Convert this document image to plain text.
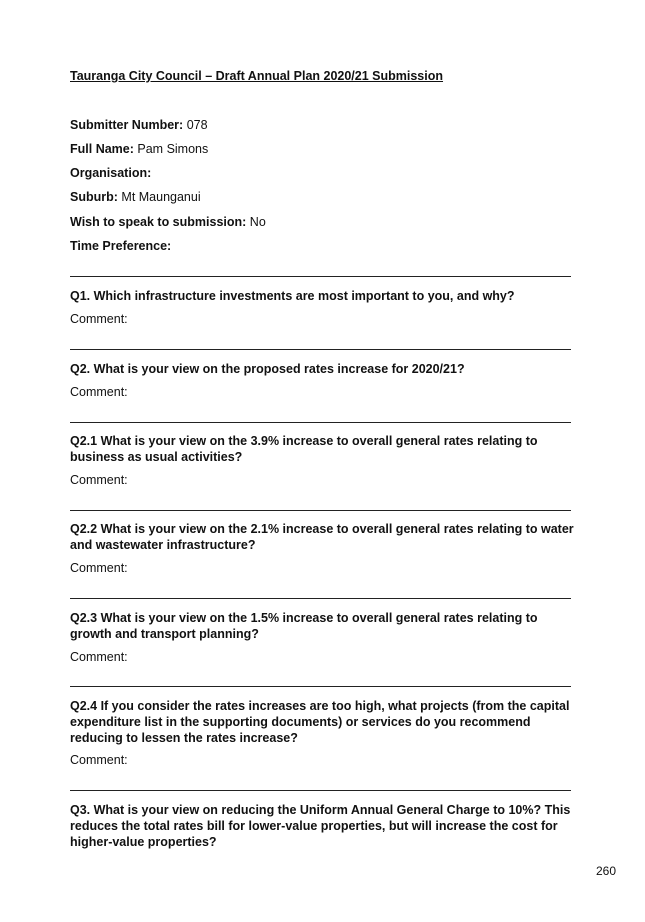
Tauranga City Council – Draft Annual Plan 2020/21 Submission
Submitter Number: 078
Full Name: Pam Simons
Organisation:
Suburb: Mt Maunganui
Wish to speak to submission: No
Time Preference:
Q1. Which infrastructure investments are most important to you, and why?
Comment:
Q2. What is your view on the proposed rates increase for 2020/21?
Comment:
Q2.1 What is your view on the 3.9% increase to overall general rates relating to business as usual activities?
Comment:
Q2.2 What is your view on the 2.1% increase to overall general rates relating to water and wastewater infrastructure?
Comment:
Q2.3 What is your view on the 1.5% increase to overall general rates relating to growth and transport planning?
Comment:
Q2.4 If you consider the rates increases are too high, what projects (from the capital expenditure list in the supporting documents) or services do you recommend reducing to lessen the rates increase?
Comment:
Q3. What is your view on reducing the Uniform Annual General Charge to 10%? This reduces the total rates bill for lower-value properties, but will increase the cost for higher-value properties?
260
